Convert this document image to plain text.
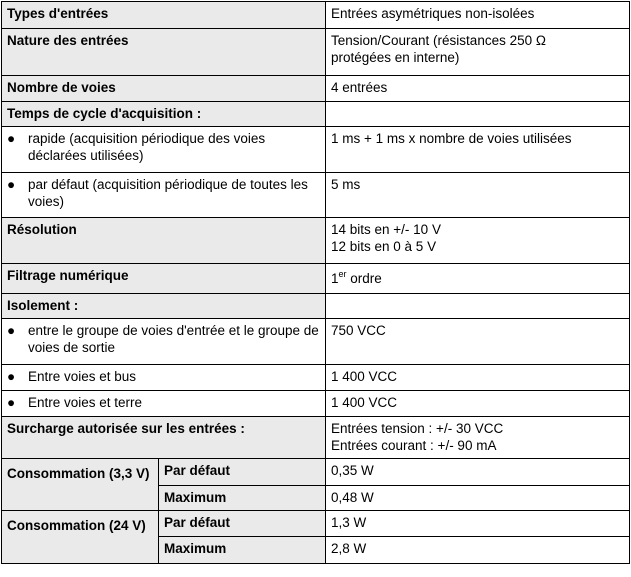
Types d'entrées		Entrées asymétriques non-isolées
Nature des entrées		Tension/Courant (résistances 250 Ω
protégées en interne)

Nombre de voies		4 entrées
Temps de cycle d'acquisition :		

● rapide (acquisition périodique des voies déclarées utilisées)		1 ms + 1 ms x nombre de voies utilisées

● par défaut (acquisition périodique de toutes les voies)		5 ms
Résolution		14 bits en +/- 10 V
12 bits en 0 à 5 V

Filtrage numérique		1er ordre
Isolement :		

● entre le groupe de voies d'entrée et le groupe de voies de sortie		750 VCC

● Entre voies et bus		1 400 VCC

● Entre voies et terre		1 400 VCC
Surcharge autorisée sur les entrées :		Entrées tension : +/- 30 VCC
Entrées courant : +/- 90 mA

Consommation (3,3 V)	Par défaut	0,35 W
	Maximum	0,48 W
Consommation (24 V)	Par défaut	1,3 W
	Maximum	2,8 W
